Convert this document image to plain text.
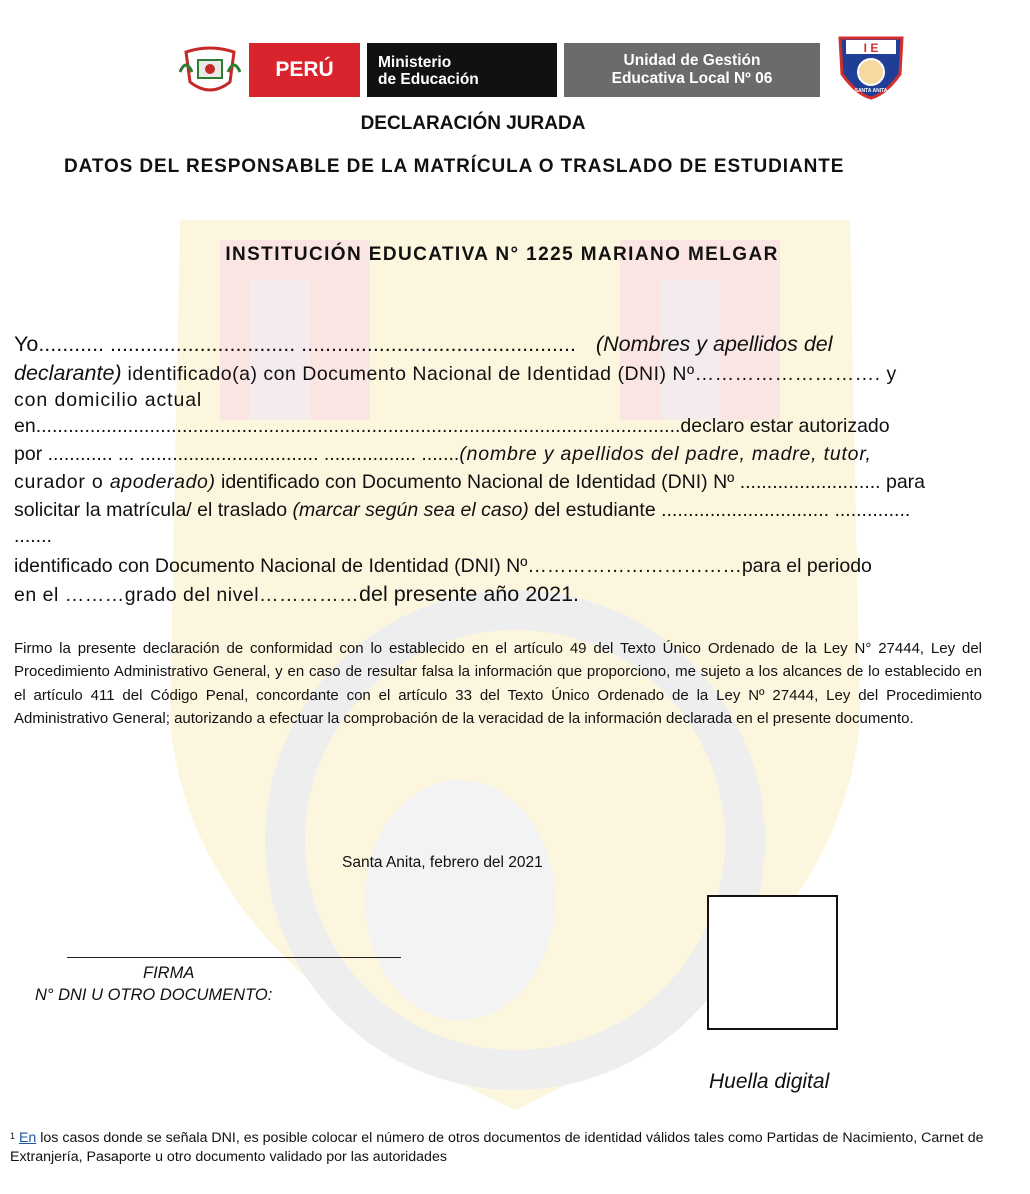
PERÚ	Ministerio
de Educación
Unidad de Gestión
Educativa Local Nº 06
I E
SANTA ANITA
DECLARACIÓN JURADA
DATOS DEL RESPONSABLE DE LA MATRÍCULA O TRASLADO DE ESTUDIANTE
INSTITUCIÓN EDUCATIVA N° 1225 MARIANO MELGAR
Yo........... ............................... .............................................. (Nombres y apellidos del
declarante) identificado(a) con Documento Nacional de Identidad (DNI) Nº………………………. y
con domicilio actual
en.......................................................................................................................declaro estar autorizado
por ............ ... ................................. ................. .......(nombre y apellidos del padre, madre, tutor,
curador o apoderado) identificado con Documento Nacional de Identidad (DNI) Nº .......................... para
solicitar la matrícula/ el traslado (marcar según sea el caso) del estudiante ............................... ..............
.......
identificado con Documento Nacional de Identidad (DNI) Nº……………………………para el periodo
en el ………grado del nivel……………del presente año 2021.
Firmo la presente declaración de conformidad con lo establecido en el artículo 49 del Texto Único Ordenado de la Ley N° 27444, Ley del Procedimiento Administrativo General, y en caso de resultar falsa la información que proporciono, me sujeto a los alcances de lo establecido en el artículo 411 del Código Penal, concordante con el artículo 33 del Texto Único Ordenado de la Ley Nº 27444, Ley del Procedimiento Administrativo General; autorizando a efectuar la comprobación de la veracidad de la información declarada en el presente documento.
Santa Anita, febrero del 2021
FIRMA
N° DNI U OTRO DOCUMENTO:
Huella digital
$^1$ En los casos donde se señala DNI, es posible colocar el número de otros documentos de identidad válidos tales como Partidas de Nacimiento, Carnet de Extranjería, Pasaporte u otro documento validado por las autoridades
